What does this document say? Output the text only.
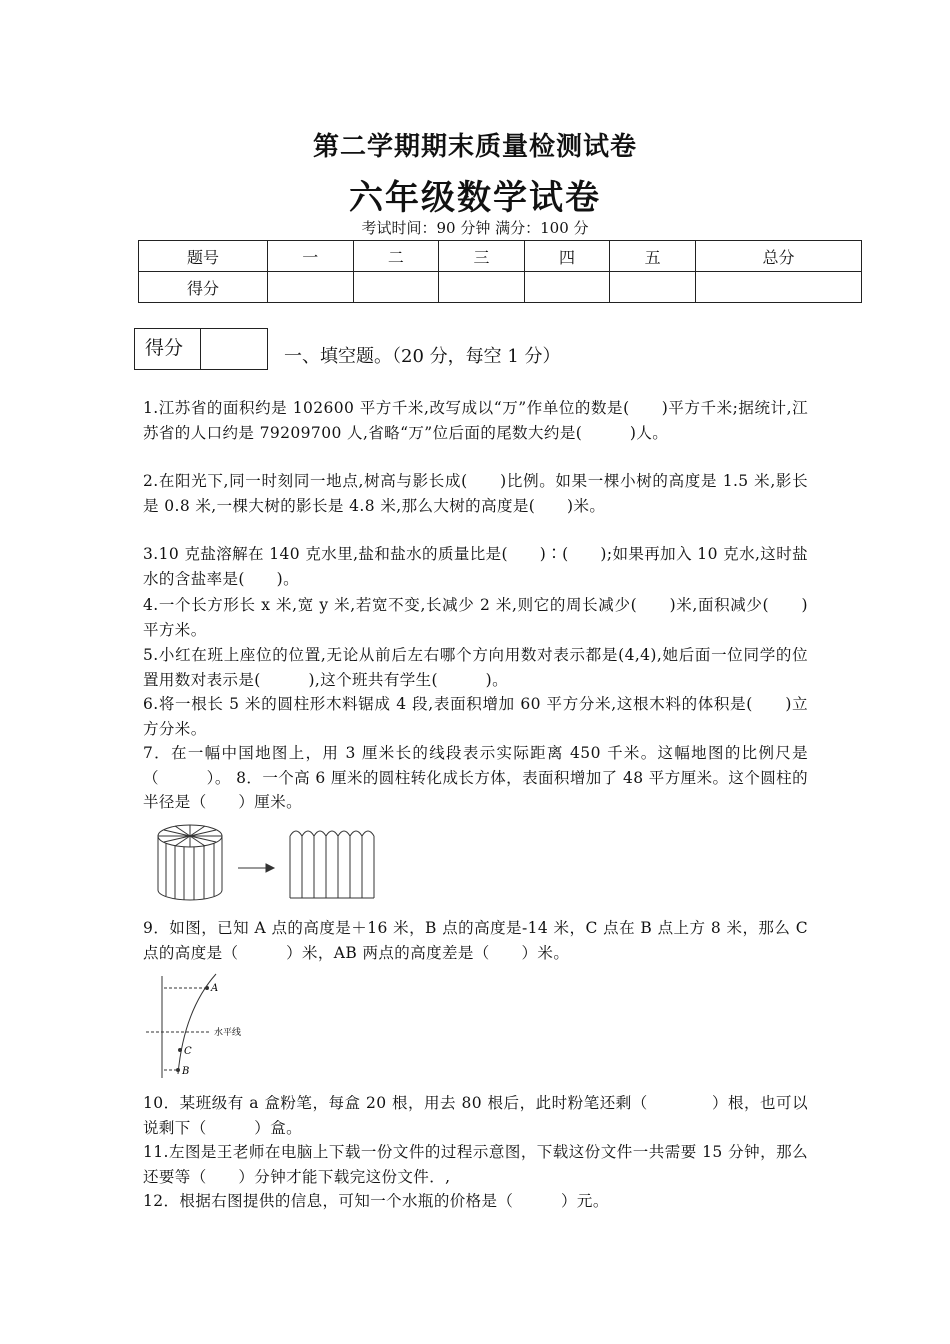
第二学期期末质量检测试卷
六年级数学试卷
考试时间：90 分钟 满分：100 分
题号	一	二	三	四	五	总分
得分						
得分	一、填空题。（20 分，每空 1 分）
1.江苏省的面积约是 102600 平方千米,改写成以“万”作单位的数是(　　)平方千米;据统计,江苏省的人口约是 79209700 人,省略“万”位后面的尾数大约是(　　　)人。
2.在阳光下,同一时刻同一地点,树高与影长成(　　)比例。如果一棵小树的高度是 1.5 米,影长是 0.8 米,一棵大树的影长是 4.8 米,那么大树的高度是(　　)米。
3.10 克盐溶解在 140 克水里,盐和盐水的质量比是(　　)∶(　　);如果再加入 10 克水,这时盐水的含盐率是(　　)。
4.一个长方形长 x 米,宽 y 米,若宽不变,长减少 2 米,则它的周长减少(　　)米,面积减少(　　)平方米。
5.小红在班上座位的位置,无论从前后左右哪个方向用数对表示都是(4,4),她后面一位同学的位置用数对表示是(　　　),这个班共有学生(　　　)。
6.将一根长 5 米的圆柱形木料锯成 4 段,表面积增加 60 平方分米,这根木料的体积是(　　)立方分米。
7．在一幅中国地图上，用 3 厘米长的线段表示实际距离 450 千米。这幅地图的比例尺是（　　　）。 8．一个高 6 厘米的圆柱转化成长方体，表面积增加了 48 平方厘米。这个圆柱的半径是（　　）厘米。
9．如图，已知 A 点的高度是＋16 米，B 点的高度是-14 米，C 点在 B 点上方 8 米，那么 C 点的高度是（　　　）米，AB 两点的高度差是（　　）米。
A
C
B
水平线
10．某班级有 a 盒粉笔，每盒 20 根，用去 80 根后，此时粉笔还剩（　　　　）根，也可以说剩下（　　　）盒。
11.左图是王老师在电脑上下载一份文件的过程示意图，下载这份文件一共需要 15 分钟，那么还要等（　　）分钟才能下载完这份文件．,
12．根据右图提供的信息，可知一个水瓶的价格是（　　　）元。
